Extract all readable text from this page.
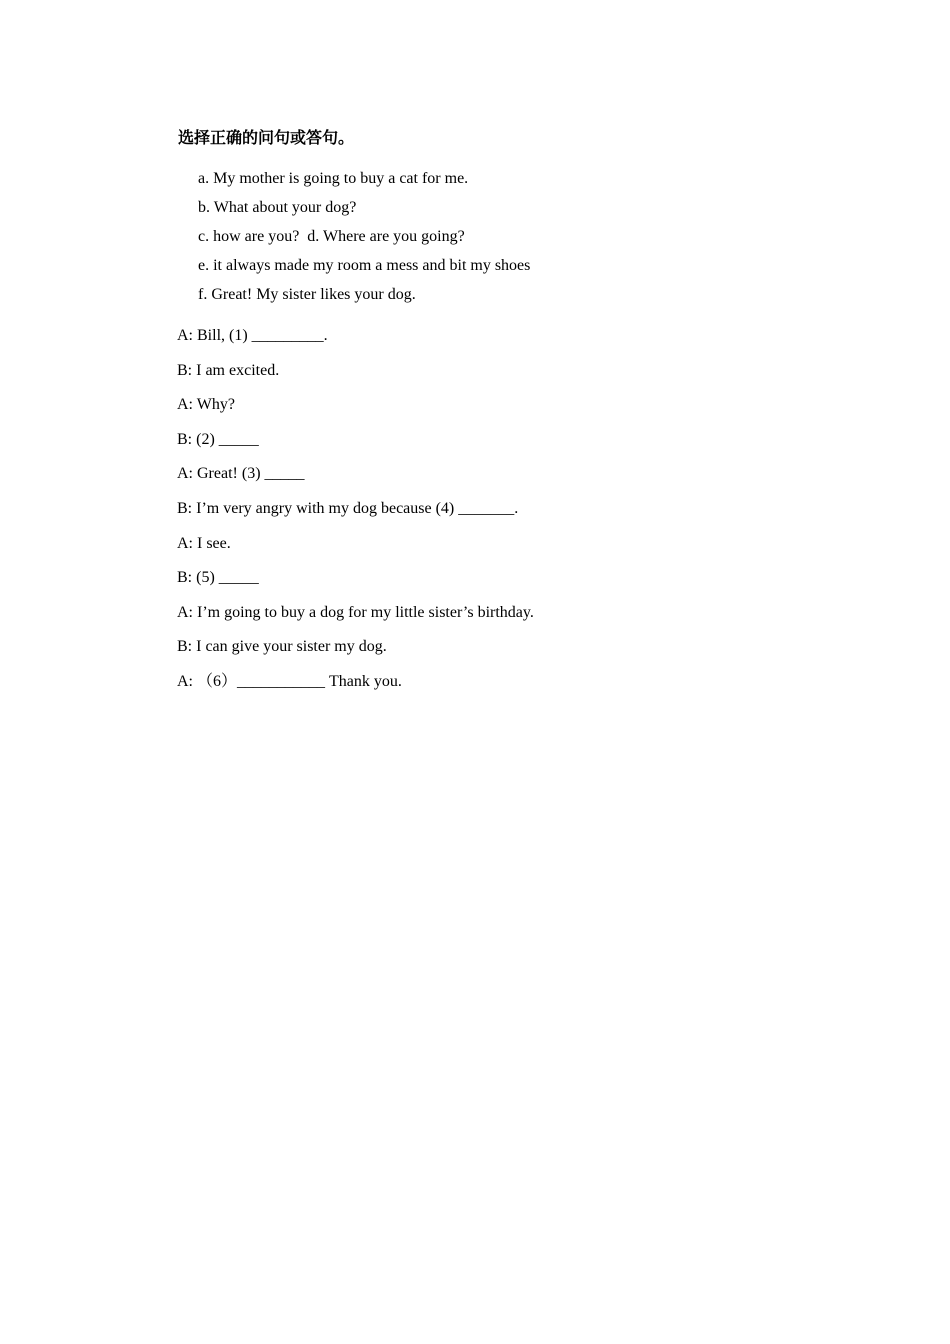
选择正确的问句或答句。
a. My mother is going to buy a cat for me.
b. What about your dog?
c. how are you?  d. Where are you going?
e. it always made my room a mess and bit my shoes
f. Great! My sister likes your dog.
A: Bill, (1) _________.
B: I am excited.
A: Why?
B: (2) _____
A: Great! (3) _____
B: I’m very angry with my dog because (4) _______.
A: I see.
B: (5) _____
A: I’m going to buy a dog for my little sister’s birthday.
B: I can give your sister my dog.
A: （6）___________ Thank you.
